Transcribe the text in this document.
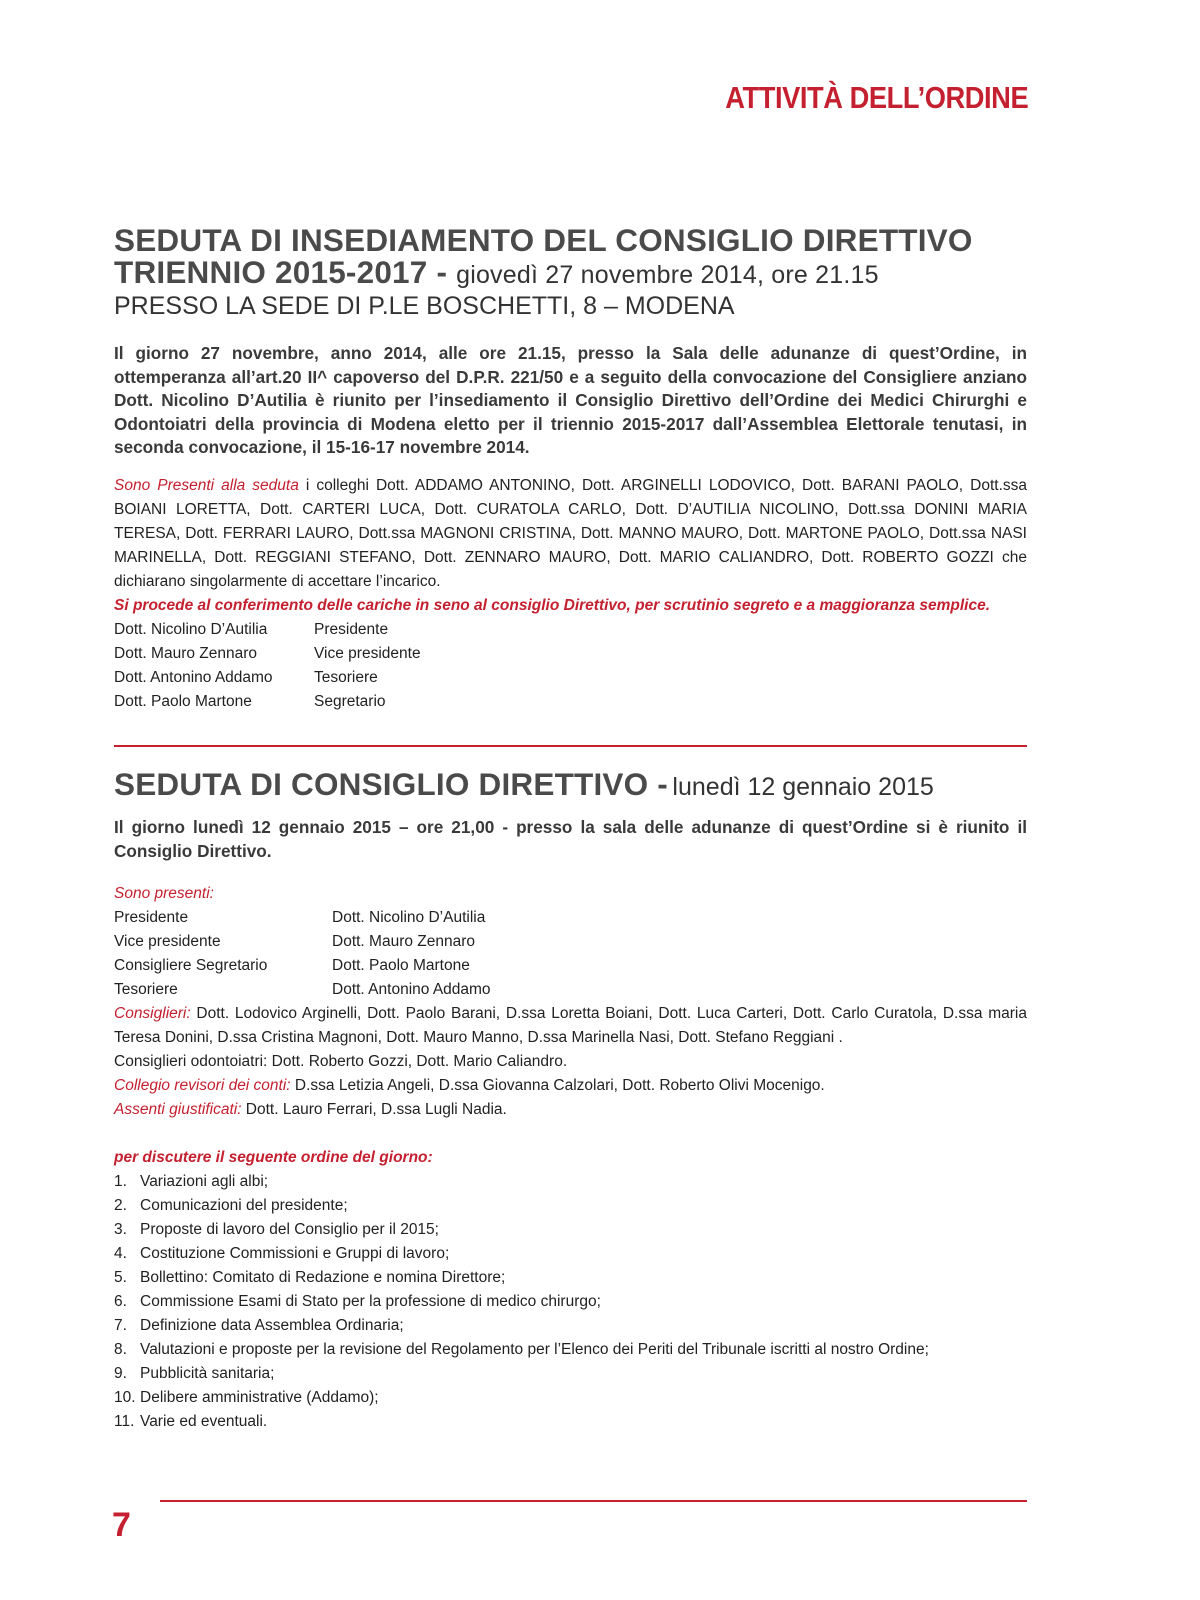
ATTIVITÀ DELL’ORDINE
SEDUTA DI INSEDIAMENTO DEL CONSIGLIO DIRETTIVO
TRIENNIO 2015-2017 - giovedì 27 novembre 2014, ore 21.15
PRESSO LA SEDE DI P.LE BOSCHETTI, 8 – MODENA
Il giorno 27 novembre, anno 2014, alle ore 21.15, presso la Sala delle adunanze di quest’Ordine, in ottemperanza all’art.20 II^ capoverso del D.P.R. 221/50 e a seguito della convocazione del Consigliere anziano Dott. Nicolino D’Autilia è riunito per l’insediamento il Consiglio Direttivo dell’Ordine dei Medici Chirurghi e Odontoiatri della provincia di Modena eletto per il triennio 2015-2017 dall’Assemblea Elettorale tenutasi, in seconda convocazione, il 15-16-17 novembre 2014.
Sono Presenti alla seduta i colleghi Dott. ADDAMO ANTONINO, Dott. ARGINELLI LODOVICO, Dott. BARANI PAOLO, Dott.ssa BOIANI LORETTA, Dott. CARTERI LUCA, Dott. CURATOLA CARLO, Dott. D’AUTILIA NICOLINO, Dott.ssa DONINI MARIA TERESA, Dott. FERRARI LAURO, Dott.ssa MAGNONI CRISTINA, Dott. MANNO MAURO, Dott. MARTONE PAOLO, Dott.ssa NASI MARINELLA, Dott. REGGIANI STEFANO, Dott. ZENNARO MAURO, Dott. MARIO CALIANDRO, Dott. ROBERTO GOZZI che dichiarano singolarmente di accettare l’incarico.
Si procede al conferimento delle cariche in seno al consiglio Direttivo, per scrutinio segreto e a maggioranza semplice.
Dott. Nicolino D’Autilia	Presidente
Dott. Mauro Zennaro	Vice presidente
Dott. Antonino Addamo	Tesoriere
Dott. Paolo Martone	Segretario
SEDUTA DI CONSIGLIO DIRETTIVO - lunedì 12 gennaio 2015
Il giorno lunedì 12 gennaio 2015 – ore 21,00 - presso la sala delle adunanze di quest’Ordine si è riunito il Consiglio Direttivo.
Sono presenti:
Presidente	Dott. Nicolino D’Autilia
Vice presidente	Dott. Mauro Zennaro
Consigliere Segretario	Dott. Paolo Martone
Tesoriere	Dott. Antonino Addamo
Consiglieri: Dott. Lodovico Arginelli, Dott. Paolo Barani, D.ssa Loretta Boiani, Dott. Luca Carteri, Dott. Carlo Curatola, D.ssa maria Teresa Donini, D.ssa Cristina Magnoni, Dott. Mauro Manno, D.ssa Marinella Nasi, Dott. Stefano Reggiani .
Consiglieri odontoiatri: Dott. Roberto Gozzi, Dott. Mario Caliandro.
Collegio revisori dei conti: D.ssa Letizia Angeli, D.ssa Giovanna Calzolari, Dott. Roberto Olivi Mocenigo.
Assenti giustificati: Dott. Lauro Ferrari, D.ssa Lugli Nadia.
per discutere il seguente ordine del giorno:
1. Variazioni agli albi;
2. Comunicazioni del presidente;
3. Proposte di lavoro del Consiglio per il 2015;
4. Costituzione Commissioni e Gruppi di lavoro;
5. Bollettino: Comitato di Redazione e nomina Direttore;
6. Commissione Esami di Stato per la professione di medico chirurgo;
7. Definizione data Assemblea Ordinaria;
8. Valutazioni e proposte per la revisione del Regolamento per l’Elenco dei Periti del Tribunale iscritti al nostro Ordine;
9. Pubblicità sanitaria;
10. Delibere amministrative (Addamo);
11. Varie ed eventuali.
7
